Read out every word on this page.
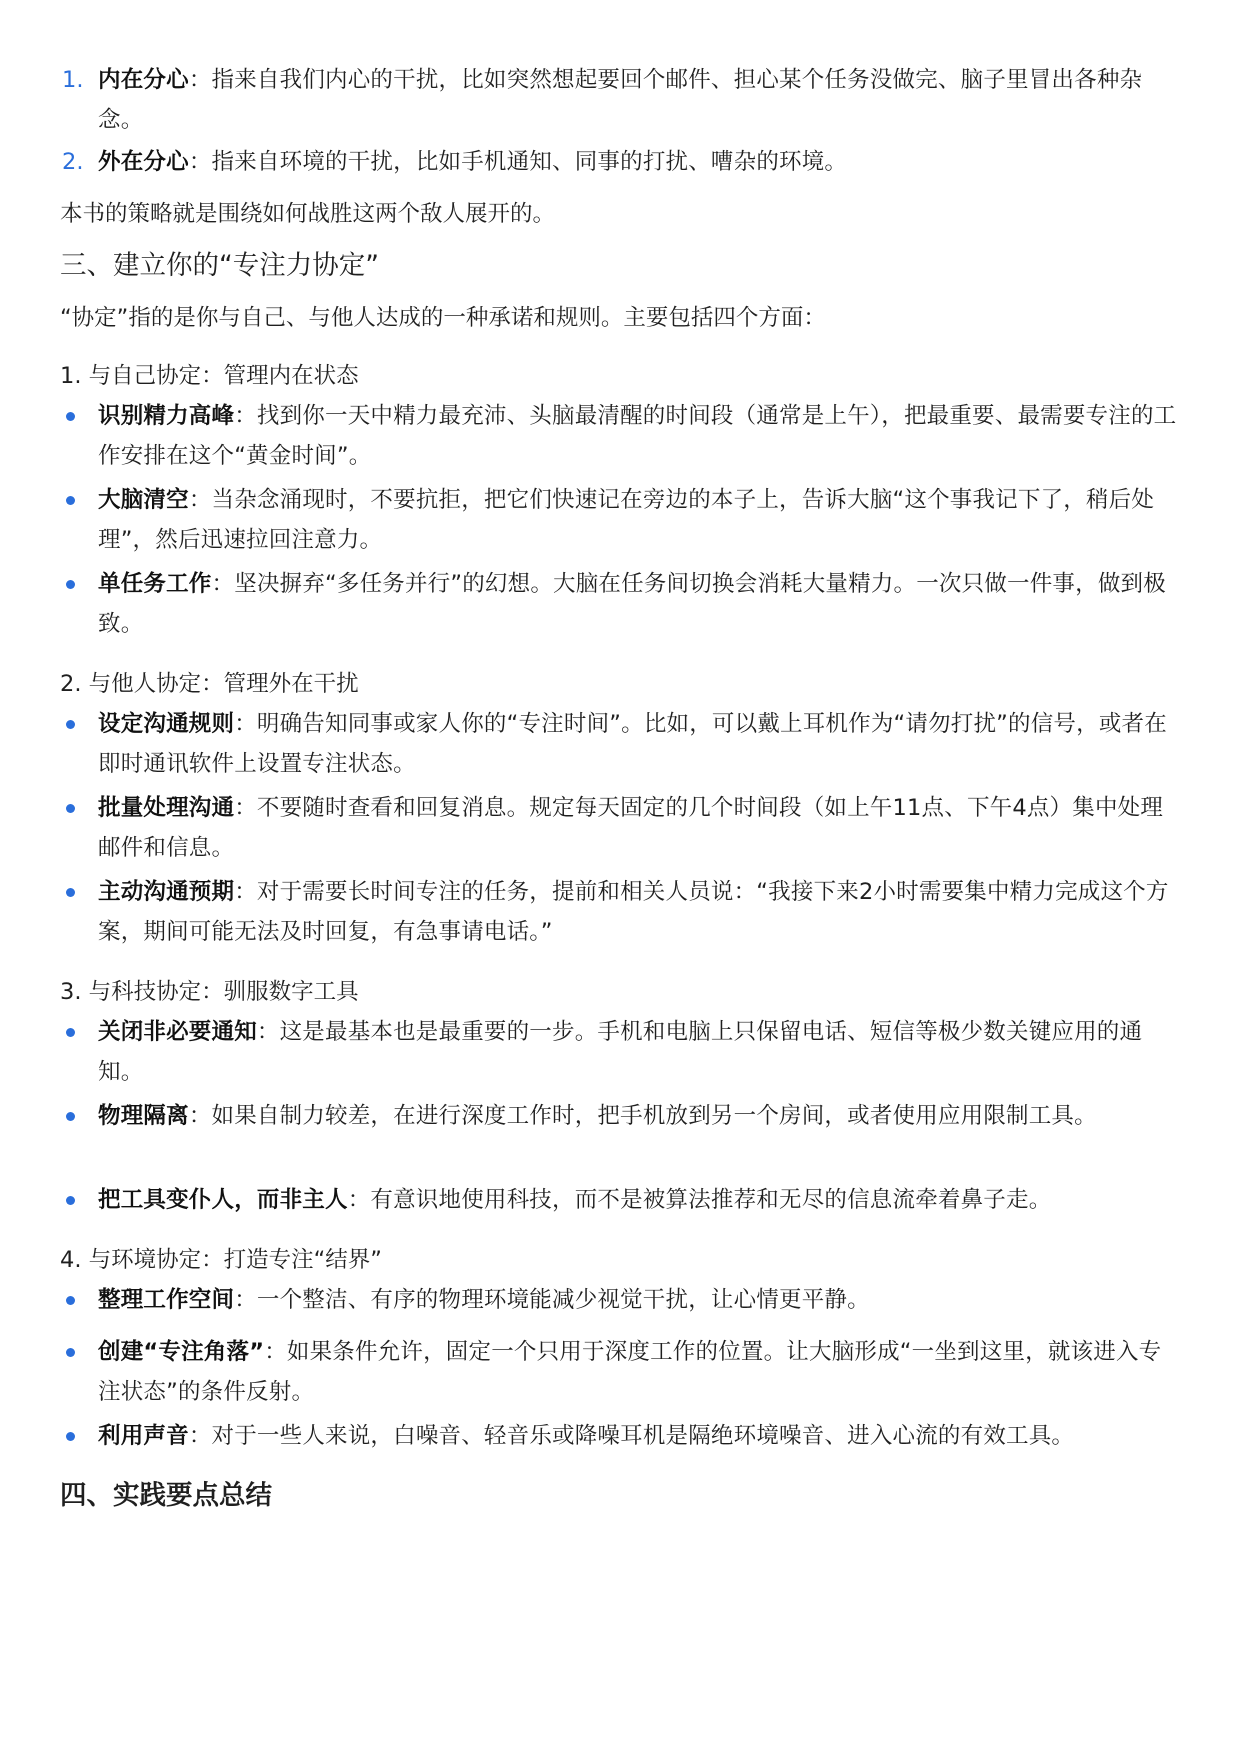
1. 内在分心：指来自我们内心的干扰，比如突然想起要回个邮件、担心某个任务没做完、脑子里冒出各种杂念。
2. 外在分心：指来自环境的干扰，比如手机通知、同事的打扰、嘈杂的环境。
本书的策略就是围绕如何战胜这两个敌人展开的。
三、建立你的“专注力协定”
“协定”指的是你与自己、与他人达成的一种承诺和规则。主要包括四个方面：
1. 与自己协定：管理内在状态
识别精力高峰：找到你一天中精力最充沛、头脑最清醒的时间段（通常是上午），把最重要、最需要专注的工作安排在这个“黄金时间”。
大脑清空：当杂念涌现时，不要抗拒，把它们快速记在旁边的本子上，告诉大脑“这个事我记下了，稍后处理”，然后迅速拉回注意力。
单任务工作：坚决摒弃“多任务并行”的幻想。大脑在任务间切换会消耗大量精力。一次只做一件事，做到极致。
2. 与他人协定：管理外在干扰
设定沟通规则：明确告知同事或家人你的“专注时间”。比如，可以戴上耳机作为“请勿打扰”的信号，或者在即时通讯软件上设置专注状态。
批量处理沟通：不要随时查看和回复消息。规定每天固定的几个时间段（如上午11点、下午4点）集中处理邮件和信息。
主动沟通预期：对于需要长时间专注的任务，提前和相关人员说：“我接下来2小时需要集中精力完成这个方案，期间可能无法及时回复，有急事请电话。”
3. 与科技协定：驯服数字工具
关闭非必要通知：这是最基本也是最重要的一步。手机和电脑上只保留电话、短信等极少数关键应用的通知。
物理隔离：如果自制力较差，在进行深度工作时，把手机放到另一个房间，或者使用应用限制工具。
把工具变仆人，而非主人：有意识地使用科技，而不是被算法推荐和无尽的信息流牵着鼻子走。
4. 与环境协定：打造专注“结界”
整理工作空间：一个整洁、有序的物理环境能减少视觉干扰，让心情更平静。
创建“专注角落”：如果条件允许，固定一个只用于深度工作的位置。让大脑形成“一坐到这里，就该进入专注状态”的条件反射。
利用声音：对于一些人来说，白噪音、轻音乐或降噪耳机是隔绝环境噪音、进入心流的有效工具。
四、实践要点总结
